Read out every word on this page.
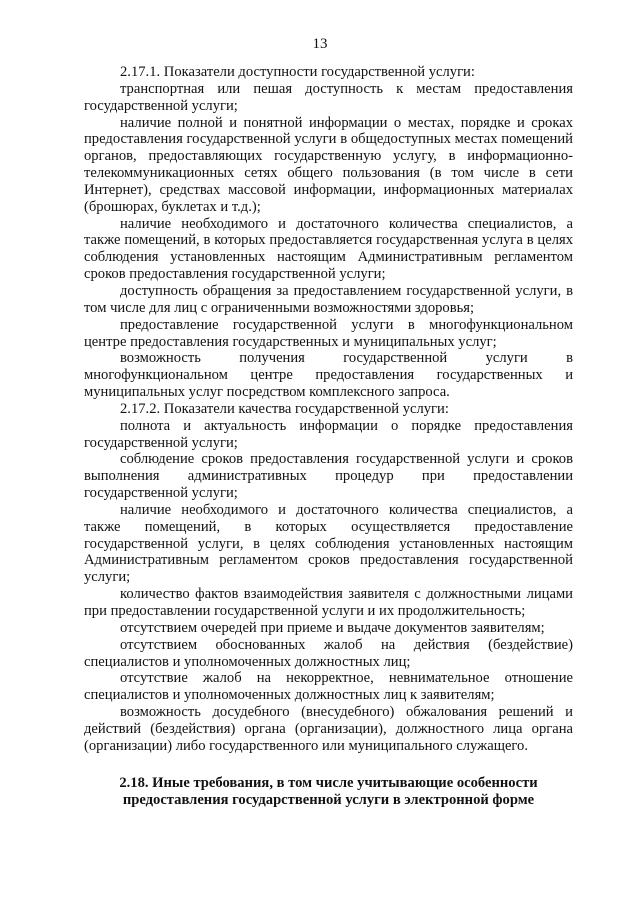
13

2.17.1. Показатели доступности государственной услуги:

транспортная или пешая доступность к местам предоставления государственной услуги;

наличие полной и понятной информации о местах, порядке и сроках предоставления государственной услуги в общедоступных местах помещений органов, предоставляющих государственную услугу, в информационно-телекоммуникационных сетях общего пользования (в том числе в сети Интернет), средствах массовой информации, информационных материалах (брошюрах, буклетах и т.д.);

наличие необходимого и достаточного количества специалистов, а также помещений, в которых предоставляется государственная услуга в целях соблюдения установленных настоящим Административным регламентом сроков предоставления государственной услуги;

доступность обращения за предоставлением государственной услуги, в том числе для лиц с ограниченными возможностями здоровья;

предоставление государственной услуги в многофункциональном центре предоставления государственных и муниципальных услуг;

возможность получения государственной услуги в многофункциональном центре предоставления государственных и муниципальных услуг посредством комплексного запроса.

2.17.2. Показатели качества государственной услуги:

полнота и актуальность информации о порядке предоставления государственной услуги;

соблюдение сроков предоставления государственной услуги и сроков выполнения административных процедур при предоставлении государственной услуги;

наличие необходимого и достаточного количества специалистов, а также помещений, в которых осуществляется предоставление государственной услуги, в целях соблюдения установленных настоящим Административным регламентом сроков предоставления государственной услуги;

количество фактов взаимодействия заявителя с должностными лицами при предоставлении государственной услуги и их продолжительность;

отсутствием очередей при приеме и выдаче документов заявителям;

отсутствием обоснованных жалоб на действия (бездействие) специалистов и уполномоченных должностных лиц;

отсутствие жалоб на некорректное, невнимательное отношение специалистов и уполномоченных должностных лиц к заявителям;

возможность досудебного (внесудебного) обжалования решений и действий (бездействия) органа (организации), должностного лица органа (организации) либо государственного или муниципального служащего.

2.18. Иные требования, в том числе учитывающие особенности
предоставления государственной услуги в электронной форме
